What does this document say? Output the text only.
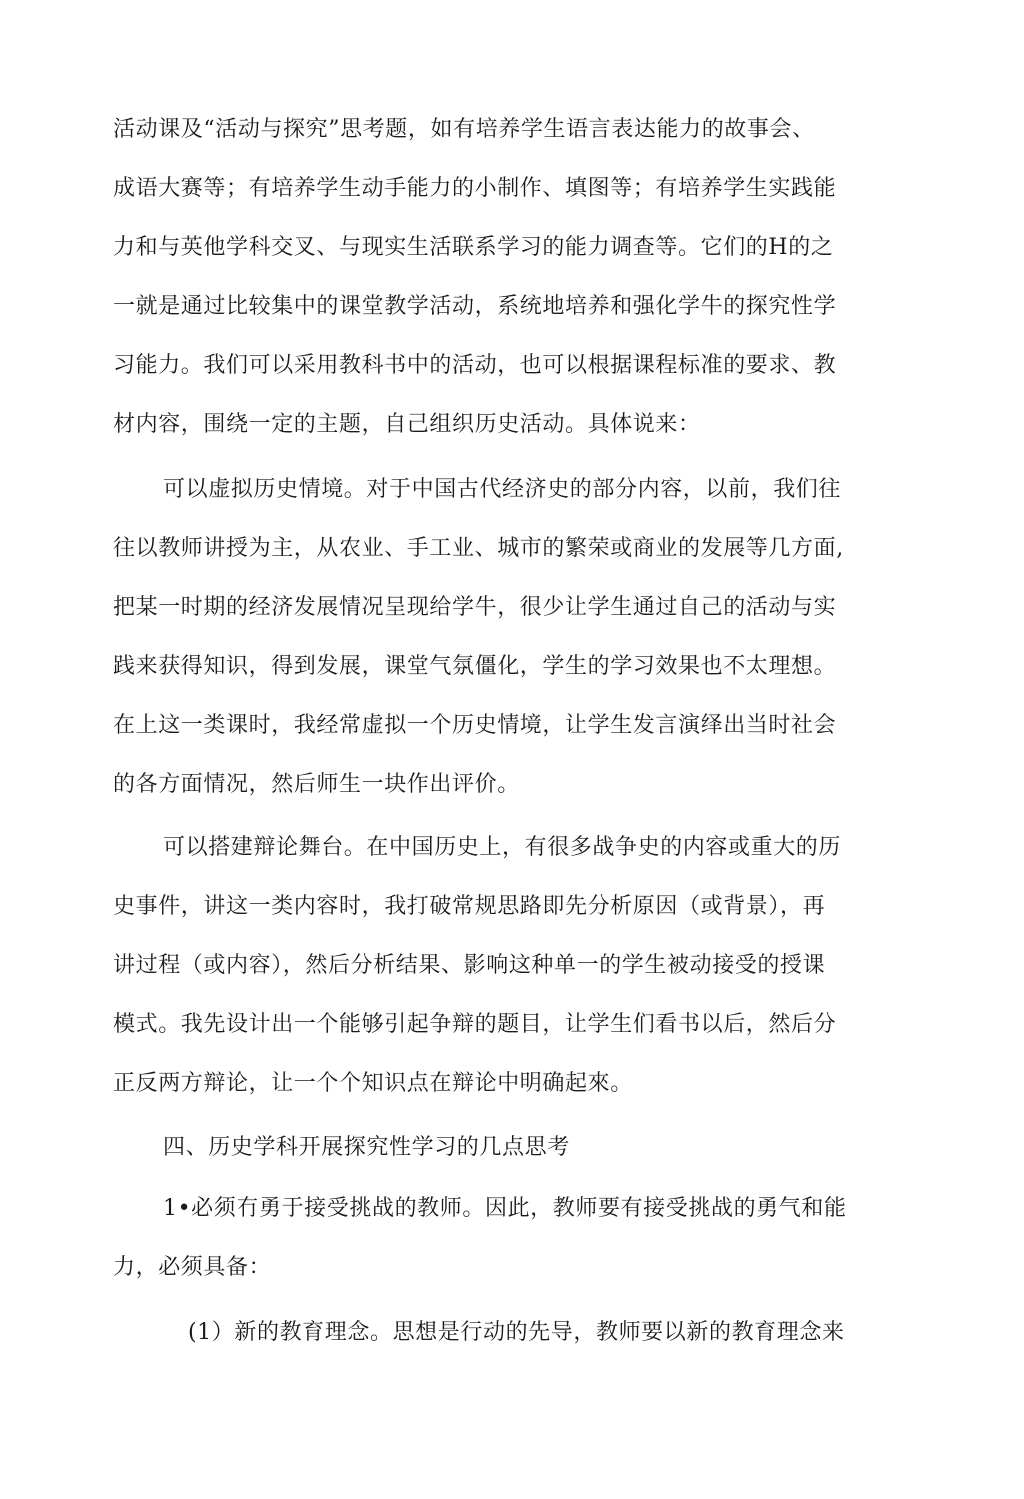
活动课及“活动与探究”思考题，如有培养学生语言表达能力的故事会、
成语大赛等；有培养学生动手能力的小制作、填图等；有培养学生实践能
力和与英他学科交叉、与现实生活联系学习的能力调查等。它们的H的之
一就是通过比较集中的课堂教学活动，系统地培养和强化学牛的探究性学
习能力。我们可以采用教科书中的活动，也可以根据课程标准的要求、教
材内容，围绕一定的主题，自己组织历史活动。具体说来：
可以虚拟历史情境。对于中国古代经济史的部分内容，以前，我们往
往以教师讲授为主，从农业、手工业、城市的繁荣或商业的发展等几方面,
把某一时期的经济发展情况呈现给学牛，很少让学生通过自己的活动与实
践来获得知识，得到发展，课堂气氛僵化，学生的学习效果也不太理想。
在上这一类课时，我经常虚拟一个历史情境，让学生发言演绎出当时社会
的各方面情况，然后师生一块作出评价。
可以搭建辩论舞台。在中国历史上，有很多战争史的内容或重大的历
史事件，讲这一类内容时，我打破常规思路即先分析原因（或背景），再
讲过程（或内容），然后分析结果、影响这种单一的学生被动接受的授课
模式。我先设计出一个能够引起争辩的题目，让学生们看书以后，然后分
正反两方辩论，让一个个知识点在辩论中明确起來。
四、历史学科开展探究性学习的几点思考
1•必须冇勇于接受挑战的教师。因此，教师要有接受挑战的勇气和能
力，必须具备：
(1）新的教育理念。思想是行动的先导，教师要以新的教育理念来
